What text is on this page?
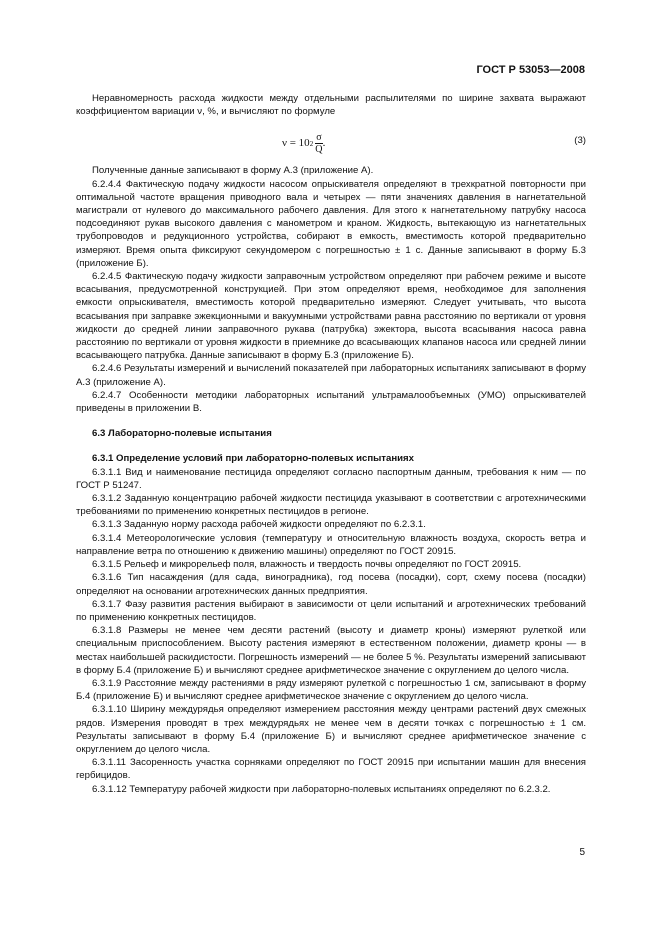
ГОСТ Р 53053—2008

Неравномерность расхода жидкости между отдельными распылителями по ширине захвата выражают коэффициентом вариации ν, %, и вычисляют по формуле

ν = 10 $2 \frac{\sigma}{Q}$ .	(3)

Полученные данные записывают в форму А.3 (приложение А).

6.2.4.4 Фактическую подачу жидкости насосом опрыскивателя определяют в трехкратной повторности при оптимальной частоте вращения приводного вала и четырех — пяти значениях давления в нагнетательной магистрали от нулевого до максимального рабочего давления. Для этого к нагнетательному патрубку насоса подсоединяют рукав высокого давления с манометром и краном. Жидкость, вытекающую из нагнетательных трубопроводов и редукционного устройства, собирают в емкость, вместимость которой предварительно измеряют. Время опыта фиксируют секундомером с погрешностью ± 1 с. Данные записывают в форму Б.3 (приложение Б).

6.2.4.5 Фактическую подачу жидкости заправочным устройством определяют при рабочем режиме и высоте всасывания, предусмотренной конструкцией. При этом определяют время, необходимое для заполнения емкости опрыскивателя, вместимость которой предварительно измеряют. Следует учитывать, что высота всасывания при заправке эжекционными и вакуумными устройствами равна расстоянию по вертикали от уровня жидкости до средней линии заправочного рукава (патрубка) эжектора, высота всасывания насоса равна расстоянию по вертикали от уровня жидкости в приемнике до всасывающих клапанов насоса или средней линии всасывающего патрубка. Данные записывают в форму Б.3 (приложение Б).

6.2.4.6 Результаты измерений и вычислений показателей при лабораторных испытаниях записывают в форму А.3 (приложение А).

6.2.4.7 Особенности методики лабораторных испытаний ультрамалообъемных (УМО) опрыскивателей приведены в приложении В.

6.3 Лабораторно-полевые испытания

6.3.1 Определение условий при лабораторно-полевых испытаниях

6.3.1.1 Вид и наименование пестицида определяют согласно паспортным данным, требования к ним — по ГОСТ Р 51247.

6.3.1.2 Заданную концентрацию рабочей жидкости пестицида указывают в соответствии с агротехническими требованиями по применению конкретных пестицидов в регионе.

6.3.1.3 Заданную норму расхода рабочей жидкости определяют по 6.2.3.1.

6.3.1.4 Метеорологические условия (температуру и относительную влажность воздуха, скорость ветра и направление ветра по отношению к движению машины) определяют по ГОСТ 20915.

6.3.1.5 Рельеф и микрорельеф поля, влажность и твердость почвы определяют по ГОСТ 20915.

6.3.1.6 Тип насаждения (для сада, виноградника), год посева (посадки), сорт, схему посева (посадки) определяют на основании агротехнических данных предприятия.

6.3.1.7 Фазу развития растения выбирают в зависимости от цели испытаний и агротехнических требований по применению конкретных пестицидов.

6.3.1.8 Размеры не менее чем десяти растений (высоту и диаметр кроны) измеряют рулеткой или специальным приспособлением. Высоту растения измеряют в естественном положении, диаметр кроны — в местах наибольшей раскидистости. Погрешность измерений — не более 5 %. Результаты измерений записывают в форму Б.4 (приложение Б) и вычисляют среднее арифметическое значение с округлением до целого числа.

6.3.1.9 Расстояние между растениями в ряду измеряют рулеткой с погрешностью 1 см, записывают в форму Б.4 (приложение Б) и вычисляют среднее арифметическое значение с округлением до целого числа.

6.3.1.10 Ширину междурядья определяют измерением расстояния между центрами растений двух смежных рядов. Измерения проводят в трех междурядьях не менее чем в десяти точках с погрешностью ± 1 см. Результаты записывают в форму Б.4 (приложение Б) и вычисляют среднее арифметическое значение с округлением до целого числа.

6.3.1.11 Засоренность участка сорняками определяют по ГОСТ 20915 при испытании машин для внесения гербицидов.

6.3.1.12 Температуру рабочей жидкости при лабораторно-полевых испытаниях определяют по 6.2.3.2.

5
